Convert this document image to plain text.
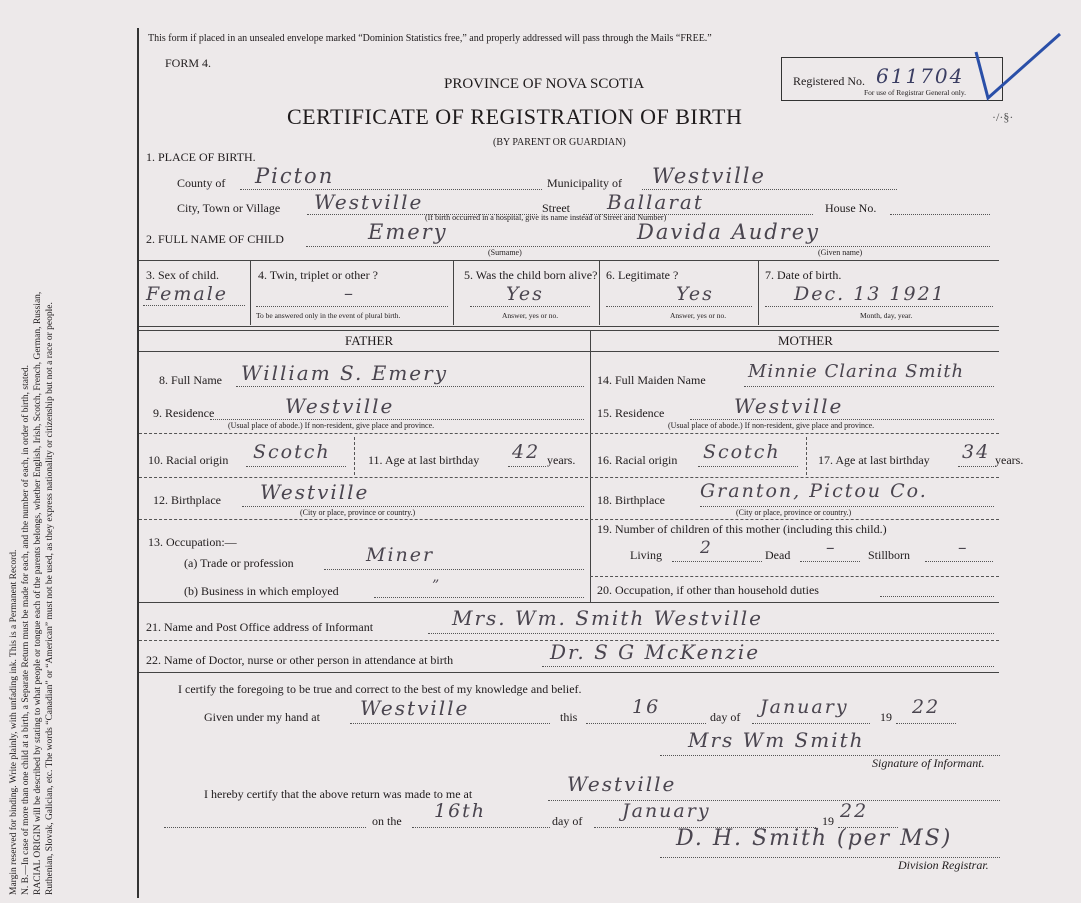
Margin reserved for binding. Write plainly, with unfading ink. This is a Permanent Record. N. B.—In case of more than one child at a birth, a Separate Return must be made for each, and the number of each, in order of birth, stated. RACIAL ORIGIN will be described by stating to what people or tongue each of the parents belongs, whether English, Irish, Scotch, French, German, Russian, Ruthenian, Slovak, Galician, etc. The words “Canadian” or “American” must not be used, as they express nationality or citizenship but not a race or people.
This form if placed in an unsealed envelope marked “Dominion Statistics free,” and properly addressed will pass through the Mails “FREE.”
FORM 4.
PROVINCE OF NOVA SCOTIA
CERTIFICATE OF REGISTRATION OF BIRTH
(BY PARENT OR GUARDIAN)
Registered No. 611704
For use of Registrar General only.
·/·§·
1. PLACE OF BIRTH.
County of Picton	Municipality of Westville
City, Town or Village Westville	Street Ballarat	House No.
(If birth occurred in a hospital, give its name instead of Street and Number)
2. FULL NAME OF CHILD	Emery
(Surname)
Davida Audrey
(Given name)
3. Sex of child.
Female
4. Twin, triplet or other ?
–
To be answered only in the event of plural birth.
5. Was the child born alive?
Yes
Answer, yes or no.
6. Legitimate ?
Yes
Answer, yes or no.
7. Date of birth.
Dec. 13 1921
Month, day, year.
FATHER
8. Full Name William S. Emery
9. Residence	Westville
(Usual place of abode.) If non-resident, give place and province.
10. Racial origin Scotch	11. Age at last birthday 42 years.
12. Birthplace Westville
(City or place, province or country.)
13. Occupation:—
(a) Trade or profession	Miner
(b) Business in which employed	”
MOTHER
14. Full Maiden Name Minnie Clarina Smith
15. Residence	Westville
(Usual place of abode.) If non-resident, give place and province.
16. Racial origin Scotch	17. Age at last birthday 34 years.
18. Birthplace Granton, Pictou Co.
(City or place, province or country.)
19. Number of children of this mother (including this child.)
Living 2	Dead –	Stillborn	–
20. Occupation, if other than household duties
21. Name and Post Office address of Informant	Mrs. Wm. Smith Westville
22. Name of Doctor, nurse or other person in attendance at birth	Dr. S G McKenzie
I certify the foregoing to be true and correct to the best of my knowledge and belief.
Given under my hand at Westville	this	16	day of January	19 22
Mrs Wm Smith
Signature of Informant.
I hereby certify that the above return was made to me at	Westville
on the 16th	day of January	19 22
D. H. Smith (per MS)
Division Registrar.
